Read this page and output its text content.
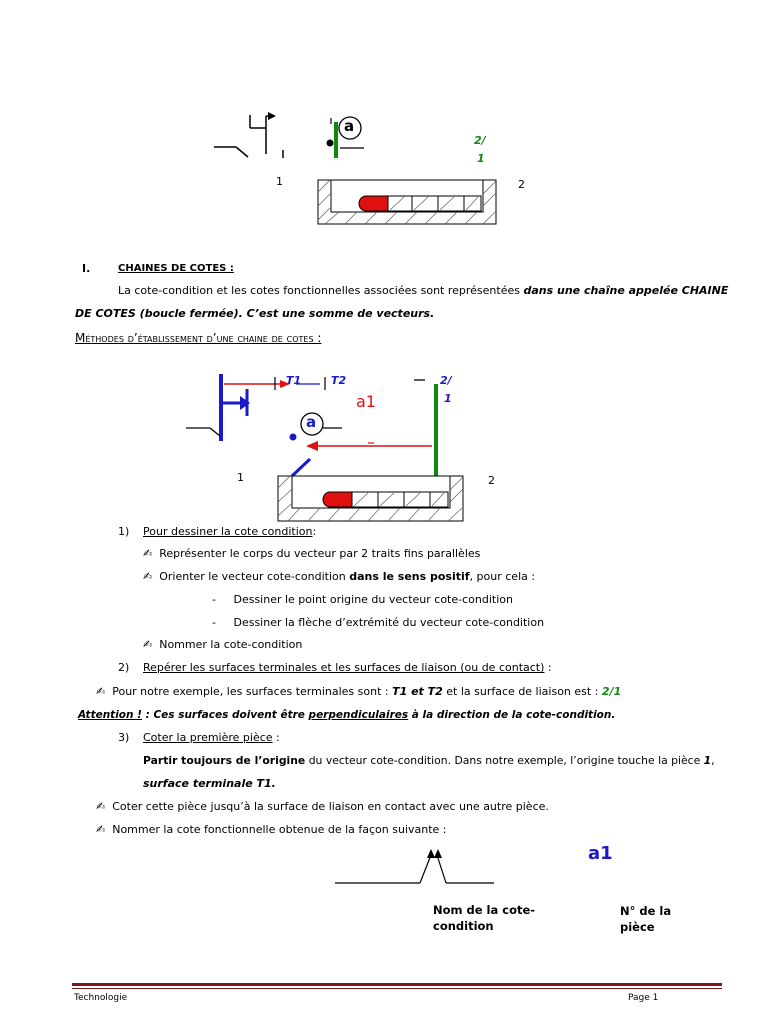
a
2/
1
1	2
I.	CHAINES DE COTES :
La cote-condition et les cotes fonctionnelles associées sont représentées dans une chaîne appelée CHAINE
DE COTES (boucle fermée). C’est une somme de vecteurs.
Méthodes d’établissement d’une chaine de cotes :
T1	T2
a1
a
2/
1
1	2
1) Pour dessiner la cote condition:
✍ Représenter le corps du vecteur par 2 traits fins parallèles
✍ Orienter le vecteur cote-condition dans le sens positif, pour cela :
- Dessiner le point origine du vecteur cote-condition
- Dessiner la flèche d’extrémité du vecteur cote-condition
✍ Nommer la cote-condition
2) Repérer les surfaces terminales et les surfaces de liaison (ou de contact) :
✍ Pour notre exemple, les surfaces terminales sont : T1 et T2 et la surface de liaison est : 2/1
Attention ! : Ces surfaces doivent être perpendiculaires à la direction de la cote-condition.
3) Coter la première pièce :
Partir toujours de l’origine du vecteur cote-condition. Dans notre exemple, l’origine touche la pièce 1,
surface terminale T1.
✍ Coter cette pièce jusqu’à la surface de liaison en contact avec une autre pièce.
✍ Nommer la cote fonctionnelle obtenue de la façon suivante :
a1
Nom de la cote-
condition
N° de la
pièce
Technologie	Page 1
